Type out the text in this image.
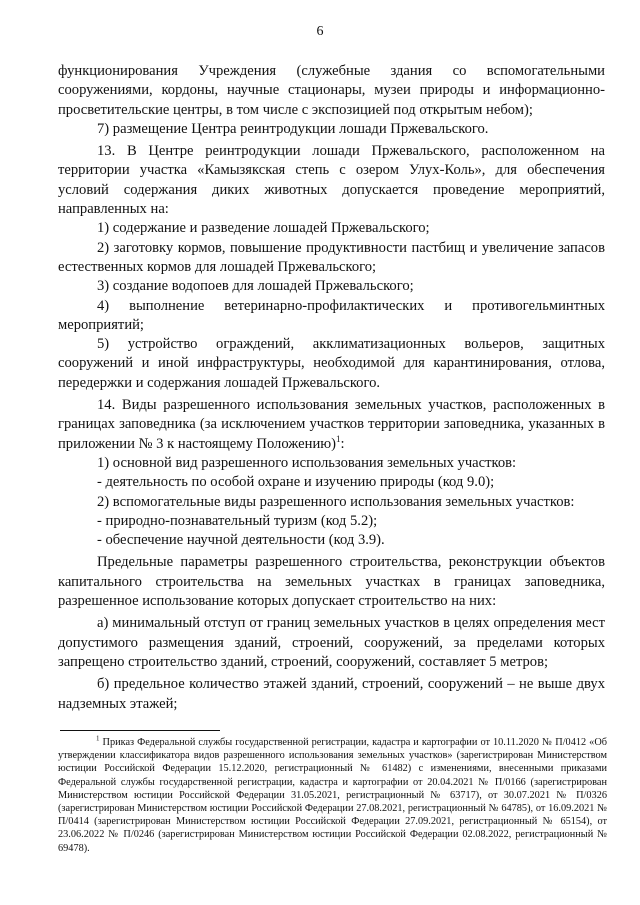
6

функционирования Учреждения (служебные здания со вспомогательными сооружениями, кордоны, научные стационары, музеи природы и информационно-просветительские центры, в том числе с экспозицией под открытым небом);

7) размещение Центра реинтродукции лошади Пржевальского.

13. В Центре реинтродукции лошади Пржевальского, расположенном на территории участка «Камызякская степь с озером Улух-Коль», для обеспечения условий содержания диких животных допускается проведение мероприятий, направленных на:

1) содержание и разведение лошадей Пржевальского;

2) заготовку кормов, повышение продуктивности пастбищ и увеличение запасов естественных кормов для лошадей Пржевальского;

3) создание водопоев для лошадей Пржевальского;

4) выполнение ветеринарно-профилактических и противогельминтных мероприятий;

5) устройство ограждений, акклиматизационных вольеров, защитных сооружений и иной инфраструктуры, необходимой для карантинирования, отлова, передержки и содержания лошадей Пржевальского.

14. Виды разрешенного использования земельных участков, расположенных в границах заповедника (за исключением участков территории заповедника, указанных в приложении № 3 к настоящему Положению)$^1$:

1) основной вид разрешенного использования земельных участков:

- деятельность по особой охране и изучению природы (код 9.0);

2) вспомогательные виды разрешенного использования земельных участков:

- природно-познавательный туризм (код 5.2);

- обеспечение научной деятельности (код 3.9).

Предельные параметры разрешенного строительства, реконструкции объектов капитального строительства на земельных участках в границах заповедника, разрешенное использование которых допускает строительство на них:

а) минимальный отступ от границ земельных участков в целях определения мест допустимого размещения зданий, строений, сооружений, за пределами которых запрещено строительство зданий, строений, сооружений, составляет 5 метров;

б) предельное количество этажей зданий, строений, сооружений – не выше двух надземных этажей;

$^1$ Приказ Федеральной службы государственной регистрации, кадастра и картографии от 10.11.2020 № П/0412 «Об утверждении классификатора видов разрешенного использования земельных участков» (зарегистрирован Министерством юстиции Российской Федерации 15.12.2020, регистрационный № 61482) с изменениями, внесенными приказами Федеральной службы государственной регистрации, кадастра и картографии от 20.04.2021 № П/0166 (зарегистрирован Министерством юстиции Российской Федерации 31.05.2021, регистрационный № 63717), от 30.07.2021 № П/0326 (зарегистрирован Министерством юстиции Российской Федерации 27.08.2021, регистрационный № 64785), от 16.09.2021 № П/0414 (зарегистрирован Министерством юстиции Российской Федерации 27.09.2021, регистрационный № 65154), от 23.06.2022 № П/0246 (зарегистрирован Министерством юстиции Российской Федерации 02.08.2022, регистрационный № 69478).
